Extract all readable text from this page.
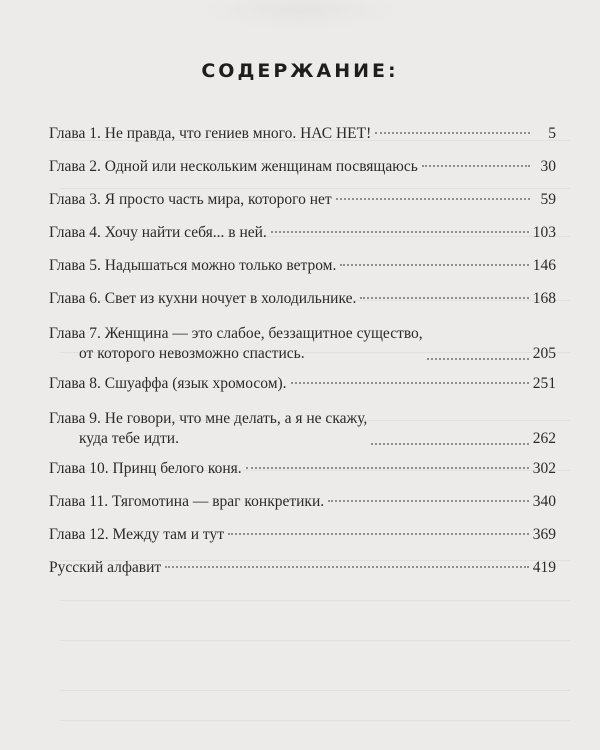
СОДЕРЖАНИЕ:
Глава 1. Не правда, что гениев много. НАС НЕТ!	5
Глава 2. Одной или нескольким женщинам посвящаюсь	30
Глава 3. Я просто часть мира, которого нет	59
Глава 4. Хочу найти себя... в ней.	103
Глава 5. Надышаться можно только ветром.	146
Глава 6. Свет из кухни ночует в холодильнике.	168
Глава 7. Женщина — это слабое, беззащитное существо,
от которого невозможно спастись.	205
Глава 8. Сшуаффа (язык хромосом).	251
Глава 9. Не говори, что мне делать, а я не скажу,
куда тебе идти.	262
Глава 10. Принц белого коня.	302
Глава 11. Тягомотина — враг конкретики.	340
Глава 12. Между там и тут	369
Русский алфавит	419
